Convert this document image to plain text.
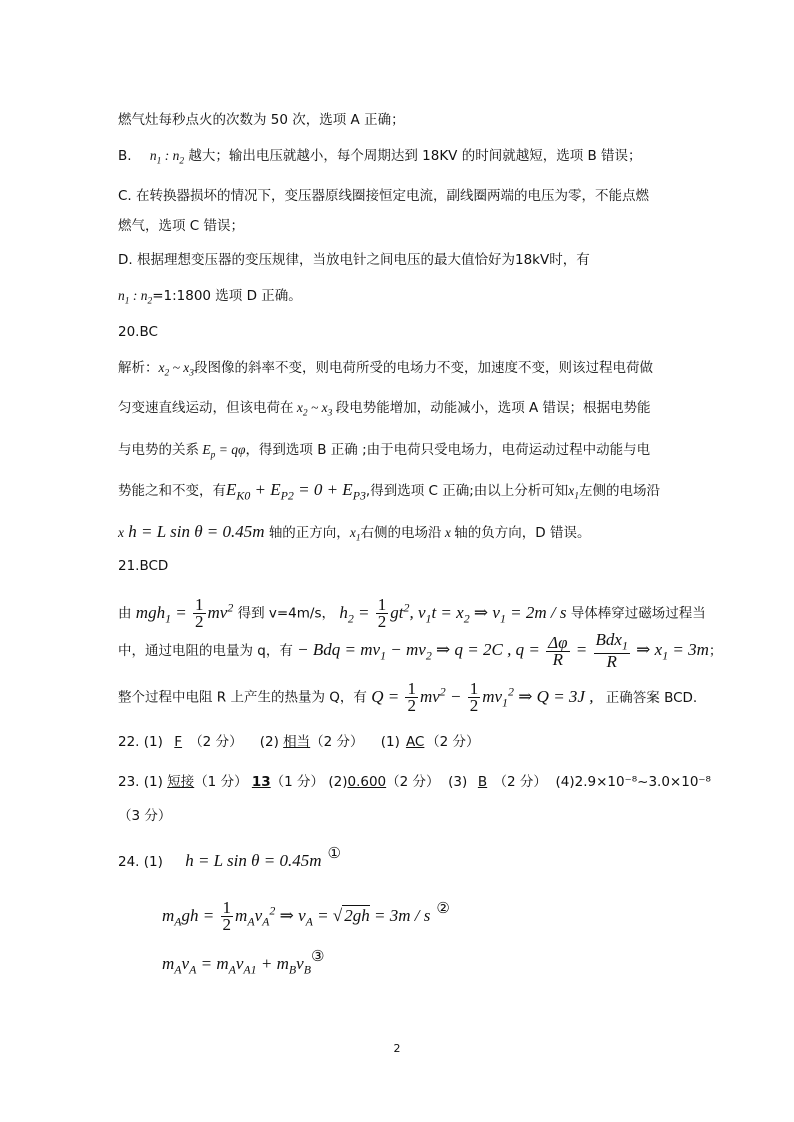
燃气灶每秒点火的次数为 50 次，选项 A 正确；
B. $n_1$ : $n_2$ 越大；输出电压就越小，每个周期达到 18KV 的时间就越短，选项 B 错误；
C. 在转换器损坏的情况下，变压器原线圈接恒定电流，副线圈两端的电压为零，不能点燃
燃气，选项 C 错误；
D. 根据理想变压器的变压规律，当放电针之间电压的最大值恰好为18kV时，有
$n_1$ : $n_2=1:1800$ 选项 D 正确。
20.BC
解析：$x_2$ ~ $x_3$段图像的斜率不变，则电荷所受的电场力不变，加速度不变，则该过程电荷做
匀变速直线运动，但该电荷在 $x_2$ ~ $x_3$ 段电势能增加，动能减小，选项 A 错误；根据电势能
与电势的关系 $E_p = q\varphi$，得到选项 B 正确 ;由于电荷只受电场力，电荷运动过程中动能与电
势能之和不变，有$E_{K0} + E_{P2} = 0 + E_{P3}$,得到选项 C 正确;由以上分析可知$x_1$左侧的电场沿
x h = L sin θ = 0.45m 轴的正方向，$x_1$右侧的电场沿 x 轴的负方向，D 错误。
21.BCD
由 $mgh_1 = \frac{1}{2} mv^2$ 得到 v=4m/s， $h_2 = \frac{1}{2} gt^2$, $v_1t = x_2$ ⇒ $v_1 = 2m / s$ 导体棒穿过磁场过程当
中，通过电阻的电量为 q，有 − Bdq = $mv_1 - mv_2$ ⇒ q = 2C , $q = \frac{\Delta\varphi}{R} = \frac{Bdx_1}{R}$ ⇒ $x_1 = 3m$；
整个过程中电阻 R 上产生的热量为 Q，有 $Q = \frac{1}{2} mv^2 - \frac{1}{2} mv_1^2$ ⇒ Q = 3J , 正确答案 BCD.
22. (1) F （2 分） (2) 相当（2 分） (1) AC （2 分）
23. (1) 短接（1 分） 13（1 分） (2)0.600（2 分） (3) B （2 分） (4)2.9×10⁻⁸~3.0×10⁻⁸
（3 分）
24. (1) h = L sin θ = 0.45m ①
$m_Agh = \frac{1}{2} m_Av_A^2$ ⇒ $v_A$ = √ 2gh = 3m / s ②
$m_Av_A = m_Av_{A1}$ + $m_Bv_B③$
2
